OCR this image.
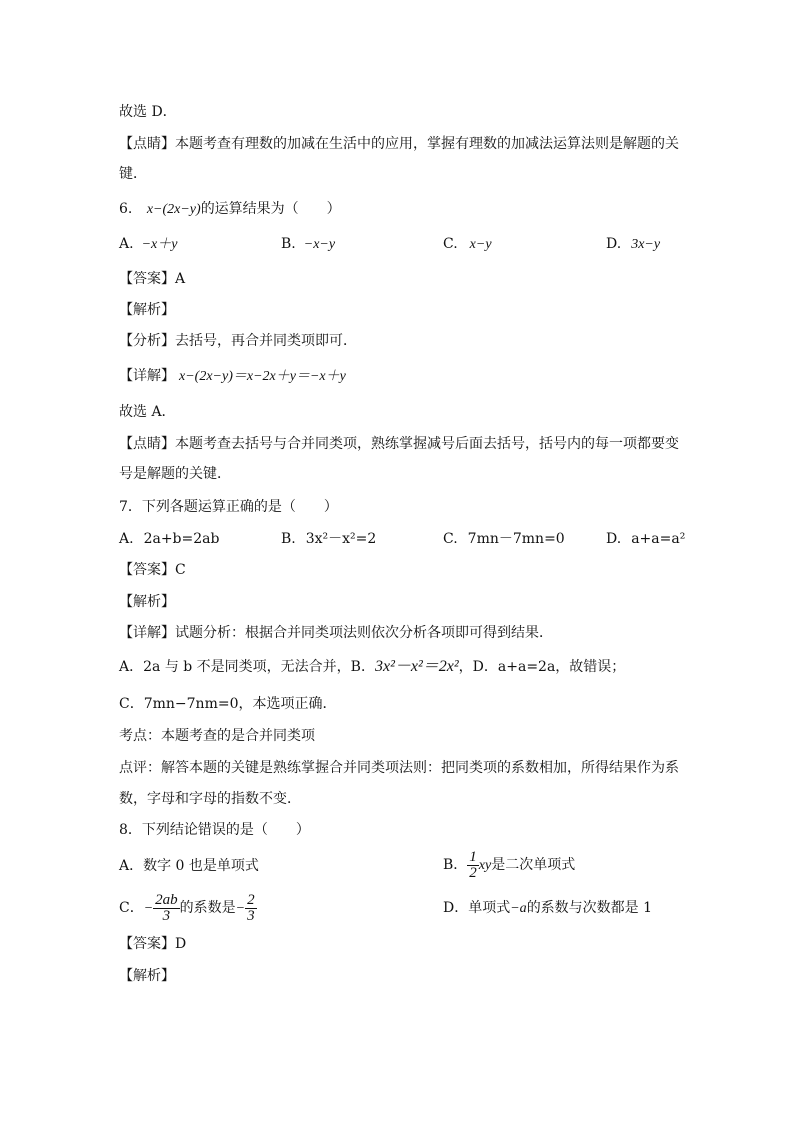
故选 D．
【点睛】本题考查有理数的加减在生活中的应用，掌握有理数的加减法运算法则是解题的关
键．
6. x−(2x−y)的运算结果为（　　）
A. −x＋y	B. −x−y	C. x−y	D. 3x−y
【答案】A
【解析】
【分析】去括号，再合并同类项即可．
【详解】 x−(2x−y)＝x−2x＋y＝−x＋y
故选 A．
【点睛】本题考查去括号与合并同类项，熟练掌握减号后面去括号，括号内的每一项都要变
号是解题的关键．
7．下列各题运算正确的是（　　）
A. 2a+b=2ab	B. 3x²－x²=2	C. 7mn－7mn=0	D. a+a=a²
【答案】C
【解析】
【详解】试题分析：根据合并同类项法则依次分析各项即可得到结果．
A．2a 与 b 不是同类项，无法合并，B．3x²－x²＝2x²，D．a+a=2a，故错误；
C．7mn−7nm=0，本选项正确．
考点：本题考查的是合并同类项
点评：解答本题的关键是熟练掌握合并同类项法则：把同类项的系数相加，所得结果作为系
数，字母和字母的指数不变．
8．下列结论错误的是（　　）
A．数字 0 也是单项式	B． $\frac{1}{2}$ xy是二次单项式
C．− $\frac{2ab}{3}$ 的系数是− $\frac{2}{3}$	D．单项式−a的系数与次数都是 1
【答案】D
【解析】
